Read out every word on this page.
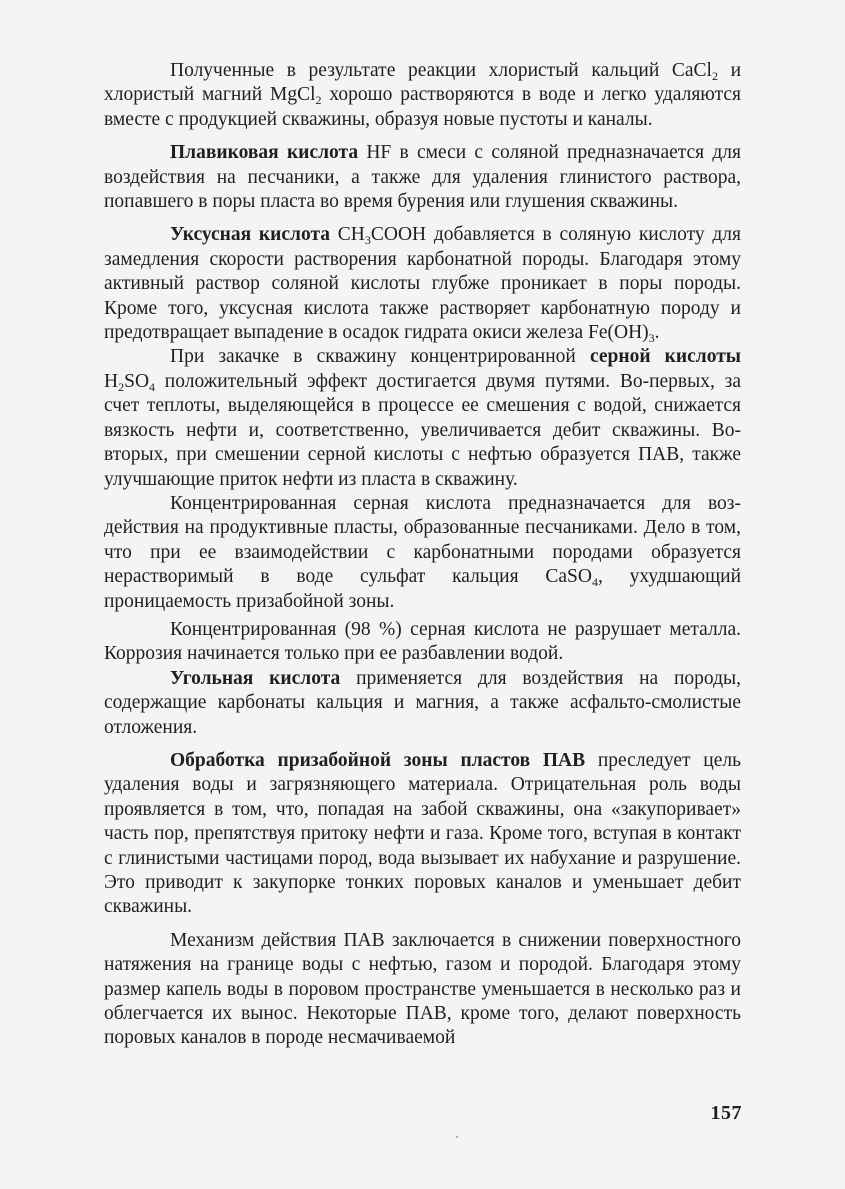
Полученные в результате реакции хлористый кальций CaCl$_2$ и хлористый магний MgCl$_2$ хорошо растворяются в воде и легко удаляются вместе с продукцией скважины, образуя новые пустоты и каналы.

Плавиковая кислота HF в смеси с соляной предназначается для воздействия на песчаники, а также для удаления глинистого раствора, попавшего в поры пласта во время бурения или глушения скважины.

Уксусная кислота $CH_3COOH$ добавляется в соляную кислоту для замедления скорости растворения карбонатной породы. Благодаря этому активный раствор соляной кислоты глубже проникает в поры породы. Кроме того, уксусная кислота также растворяет карбонатную породу и предотвращает выпадение в осадок гидрата окиси железа $Fe(OH)_3$.

При закачке в скважину концентрированной серной кислоты $H_2SO_4$ положительный эффект достигается двумя путями. Во-первых, за счет теплоты, выделяющейся в процессе ее смешения с водой, снижается вязкость нефти и, соответственно, увеличивается дебит скважины. Во-вторых, при смешении серной кислоты с нефтью образуется ПАВ, также улучшающие приток нефти из пласта в скважину.

Концентрированная серная кислота предназначается для воздействия на продуктивные пласты, образованные песчаниками. Дело в том, что при ее взаимодействии с карбонатными породами образуется нерастворимый в воде сульфат кальция CaSO$_4$, ухудшающий проницаемость призабойной зоны.

Концентрированная (98 %) серная кислота не разрушает металла. Коррозия начинается только при ее разбавлении водой.

Угольная кислота применяется для воздействия на породы, содержащие карбонаты кальция и магния, а также асфальто-смолистые отложения.

Обработка призабойной зоны пластов ПАВ преследует цель удаления воды и загрязняющего материала. Отрицательная роль воды проявляется в том, что, попадая на забой скважины, она «закупоривает» часть пор, препятствуя притоку нефти и газа. Кроме того, вступая в контакт с глинистыми частицами пород, вода вызывает их набухание и разрушение. Это приводит к закупорке тонких поровых каналов и уменьшает дебит скважины.

Механизм действия ПАВ заключается в снижении поверхностного натяжения на границе воды с нефтью, газом и породой. Благодаря этому размер капель воды в поровом пространстве уменьшается в несколько раз и облегчается их вынос. Некоторые ПАВ, кроме того, делают поверхность поровых каналов в породе несмачиваемой

157
